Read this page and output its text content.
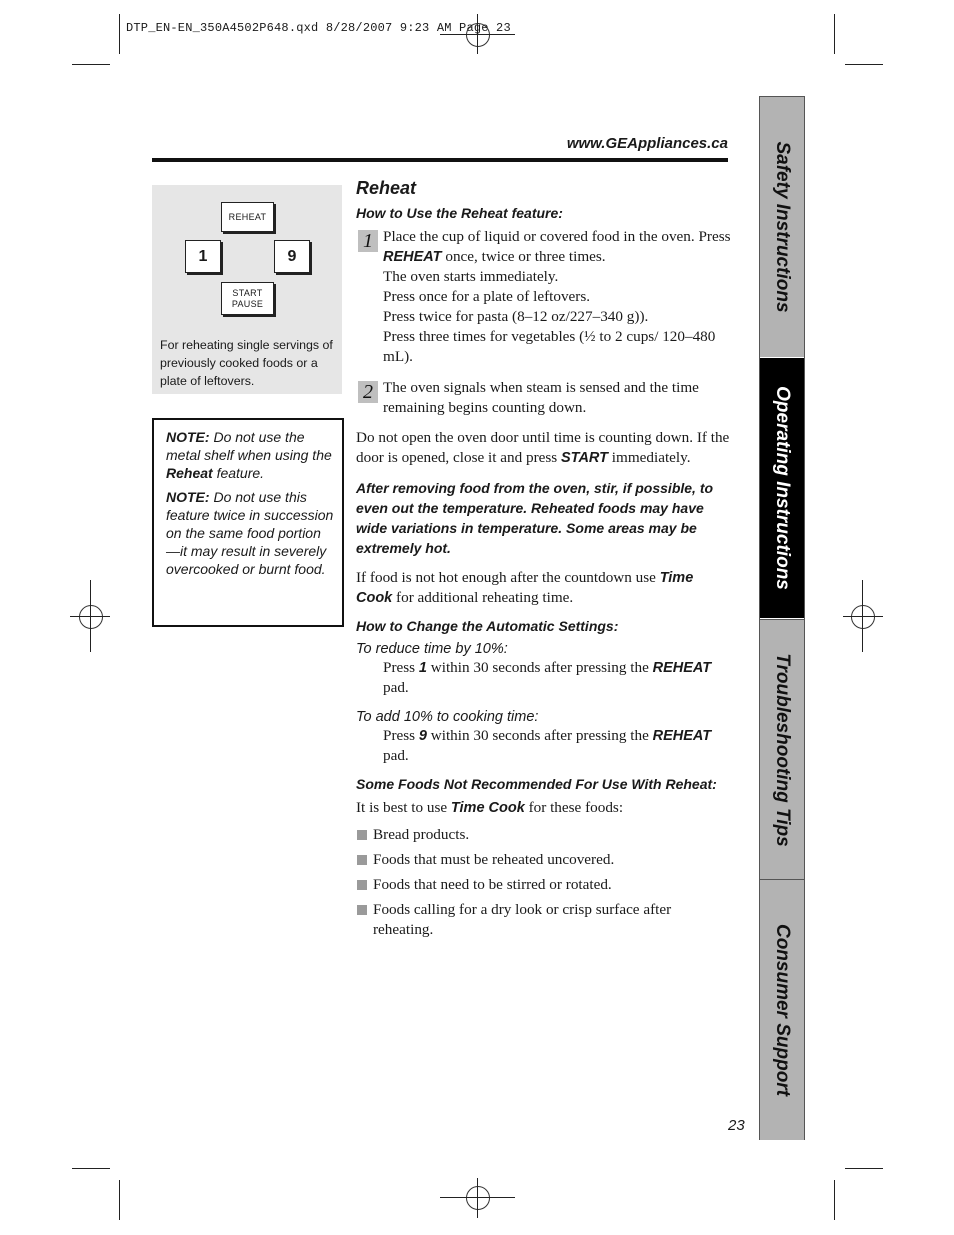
DTP_EN-EN_350A4502P648.qxd 8/28/2007 9:23 AM Page 23
www.GEAppliances.ca
REHEAT
1	9
START
PAUSE
For reheating single servings of previously cooked foods or a plate of leftovers.

NOTE: Do not use the metal shelf when using the Reheat feature.

NOTE: Do not use this feature twice in succession on the same food portion—it may result in severely overcooked or burnt food.

Reheat
How to Use the Reheat feature:
1 Place the cup of liquid or covered food in the oven. Press REHEAT once, twice or three times.
The oven starts immediately.
Press once for a plate of leftovers.
Press twice for pasta (8–12 oz/227–340 g)).
Press three times for vegetables (½ to 2 cups/ 120–480 mL).
2 The oven signals when steam is sensed and the time remaining begins counting down.
Do not open the oven door until time is counting down. If the door is opened, close it and press START immediately.
After removing food from the oven, stir, if possible, to even out the temperature. Reheated foods may have wide variations in temperature. Some areas may be extremely hot.
If food is not hot enough after the countdown use Time Cook for additional reheating time.
How to Change the Automatic Settings:
To reduce time by 10%:
Press 1 within 30 seconds after pressing the REHEAT pad.
To add 10% to cooking time:
Press 9 within 30 seconds after pressing the REHEAT pad.
Some Foods Not Recommended For Use With Reheat:
It is best to use Time Cook for these foods:
Bread products.
Foods that must be reheated uncovered.
Foods that need to be stirred or rotated.
Foods calling for a dry look or crisp surface after reheating.
Safety Instructions
Operating Instructions
Troubleshooting Tips
Consumer Support
23
